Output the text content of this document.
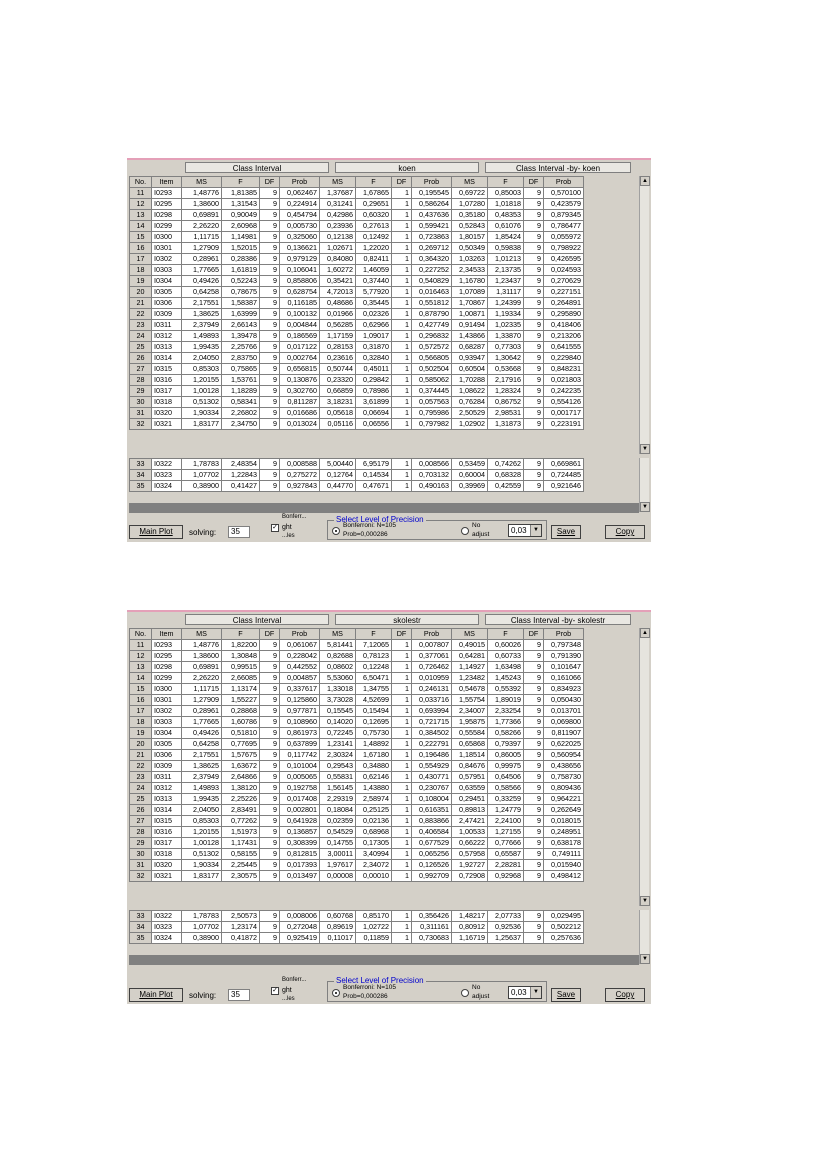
Class Interval	koen	Class Interval -by- koen
No.	Item	MS	F	DF	Prob	MS	F	DF	Prob	MS	F	DF	Prob
11	I0293	1,48776	1,81385	9	0,062467	1,37687	1,67865	1	0,195545	0,69722	0,85003	9	0,570100
12	I0295	1,38600	1,31543	9	0,224914	0,31241	0,29651	1	0,586264	1,07280	1,01818	9	0,423579
13	I0298	0,69891	0,90049	9	0,454794	0,42986	0,60320	1	0,437636	0,35180	0,48353	9	0,879345
14	I0299	2,26220	2,60968	9	0,005730	0,23936	0,27613	1	0,599421	0,52843	0,61076	9	0,786477
15	I0300	1,11715	1,14981	9	0,325060	0,12138	0,12492	1	0,723863	1,80157	1,85424	9	0,055972
16	I0301	1,27909	1,52015	9	0,136621	1,02671	1,22020	1	0,269712	0,50349	0,59838	9	0,798922
17	I0302	0,28961	0,28386	9	0,979129	0,84080	0,82411	1	0,364320	1,03263	1,01213	9	0,426595
18	I0303	1,77665	1,61819	9	0,106041	1,60272	1,46059	1	0,227252	2,34533	2,13735	9	0,024593
19	I0304	0,49426	0,52243	9	0,858806	0,35421	0,37440	1	0,540829	1,16780	1,23437	9	0,270629
20	I0305	0,64258	0,78675	9	0,628754	4,72013	5,77920	1	0,016463	1,07089	1,31117	9	0,227151
21	I0306	2,17551	1,58387	9	0,116185	0,48686	0,35445	1	0,551812	1,70867	1,24399	9	0,264891
22	I0309	1,38625	1,63999	9	0,100132	0,01966	0,02326	1	0,878790	1,00871	1,19334	9	0,295890
23	I0311	2,37949	2,66143	9	0,004844	0,56285	0,62966	1	0,427749	0,91494	1,02335	9	0,418406
24	I0312	1,49893	1,39478	9	0,186569	1,17159	1,09017	1	0,296832	1,43866	1,33870	9	0,213206
25	I0313	1,99435	2,25766	9	0,017122	0,28153	0,31870	1	0,572572	0,68287	0,77303	9	0,641555
26	I0314	2,04050	2,83750	9	0,002764	0,23616	0,32840	1	0,566805	0,93947	1,30642	9	0,229840
27	I0315	0,85303	0,75865	9	0,656815	0,50744	0,45011	1	0,502504	0,60504	0,53668	9	0,848231
28	I0316	1,20155	1,53761	9	0,130876	0,23320	0,29842	1	0,585062	1,70288	2,17916	9	0,021803
29	I0317	1,00128	1,18289	9	0,302760	0,66859	0,78986	1	0,374445	1,08622	1,28324	9	0,242235
30	I0318	0,51302	0,58341	9	0,811287	3,18231	3,61899	1	0,057563	0,76284	0,86752	9	0,554126
31	I0320	1,90334	2,26802	9	0,016686	0,05618	0,06694	1	0,795986	2,50529	2,98531	9	0,001717
32	I0321	1,83177	2,34750	9	0,013024	0,05116	0,06556	1	0,797982	1,02902	1,31873	9	0,223191
▲
▼
33	I0322	1,78783	2,48354	9	0,008588	5,00440	6,95179	1	0,008566	0,53459	0,74262	9	0,669861
34	I0323	1,07702	1,22843	9	0,275272	0,12764	0,14534	1	0,703132	0,60004	0,68328	9	0,724485
35	I0324	0,38900	0,41427	9	0,927843	0,44770	0,47671	1	0,490163	0,39969	0,42559	9	0,921646
▼
Main Plot	solving:	35
Bonferr...
✓ ght
...les
Select Level of Precision
Bonferroni: N=105
Prob=0,000286
No
adjust	0,03	▼	Save	Copy
Class Interval	skolestr	Class Interval -by- skolestr
No.	Item	MS	F	DF	Prob	MS	F	DF	Prob	MS	F	DF	Prob
11	I0293	1,48776	1,82200	9	0,061067	5,81441	7,12065	1	0,007807	0,49015	0,60026	9	0,797348
12	I0295	1,38600	1,30848	9	0,228042	0,82688	0,78123	1	0,377061	0,64281	0,60733	9	0,791390
13	I0298	0,69891	0,99515	9	0,442552	0,08602	0,12248	1	0,726462	1,14927	1,63498	9	0,101647
14	I0299	2,26220	2,66085	9	0,004857	5,53060	6,50471	1	0,010959	1,23482	1,45243	9	0,161066
15	I0300	1,11715	1,13174	9	0,337617	1,33018	1,34755	1	0,246131	0,54678	0,55392	9	0,834923
16	I0301	1,27909	1,55227	9	0,125860	3,73028	4,52699	1	0,033716	1,55754	1,89019	9	0,050430
17	I0302	0,28961	0,28868	9	0,977871	0,15545	0,15494	1	0,693994	2,34007	2,33254	9	0,013701
18	I0303	1,77665	1,60786	9	0,108960	0,14020	0,12695	1	0,721715	1,95875	1,77366	9	0,069800
19	I0304	0,49426	0,51810	9	0,861973	0,72245	0,75730	1	0,384502	0,55584	0,58266	9	0,811907
20	I0305	0,64258	0,77695	9	0,637899	1,23141	1,48892	1	0,222791	0,65868	0,79397	9	0,622025
21	I0306	2,17551	1,57675	9	0,117742	2,30324	1,67180	1	0,196486	1,18514	0,86005	9	0,560954
22	I0309	1,38625	1,63672	9	0,101004	0,29543	0,34880	1	0,554929	0,84676	0,99975	9	0,438656
23	I0311	2,37949	2,64866	9	0,005065	0,55831	0,62146	1	0,430771	0,57951	0,64506	9	0,758730
24	I0312	1,49893	1,38120	9	0,192758	1,56145	1,43880	1	0,230767	0,63559	0,58566	9	0,809436
25	I0313	1,99435	2,25226	9	0,017408	2,29319	2,58974	1	0,108004	0,29451	0,33259	9	0,964221
26	I0314	2,04050	2,83491	9	0,002801	0,18084	0,25125	1	0,616351	0,89813	1,24779	9	0,262649
27	I0315	0,85303	0,77262	9	0,641928	0,02359	0,02136	1	0,883866	2,47421	2,24100	9	0,018015
28	I0316	1,20155	1,51973	9	0,136857	0,54529	0,68968	1	0,406584	1,00533	1,27155	9	0,248951
29	I0317	1,00128	1,17431	9	0,308399	0,14755	0,17305	1	0,677529	0,66222	0,77666	9	0,638178
30	I0318	0,51302	0,58155	9	0,812815	3,00011	3,40994	1	0,065256	0,57958	0,65587	9	0,749111
31	I0320	1,90334	2,25445	9	0,017393	1,97617	2,34072	1	0,126526	1,92727	2,28281	9	0,015940
32	I0321	1,83177	2,30575	9	0,013497	0,00008	0,00010	1	0,992709	0,72908	0,92968	9	0,498412
▲
▼
33	I0322	1,78783	2,50573	9	0,008006	0,60768	0,85170	1	0,356426	1,48217	2,07733	9	0,029495
34	I0323	1,07702	1,23174	9	0,272048	0,89619	1,02722	1	0,311161	0,80912	0,92536	9	0,502212
35	I0324	0,38900	0,41872	9	0,925419	0,11017	0,11859	1	0,730683	1,16719	1,25637	9	0,257636
▼
Main Plot	solving:	35
Bonferr...
✓ ght
...les
Select Level of Precision
Bonferroni: N=105
Prob=0,000286
No
adjust	0,03	▼	Save	Copy
